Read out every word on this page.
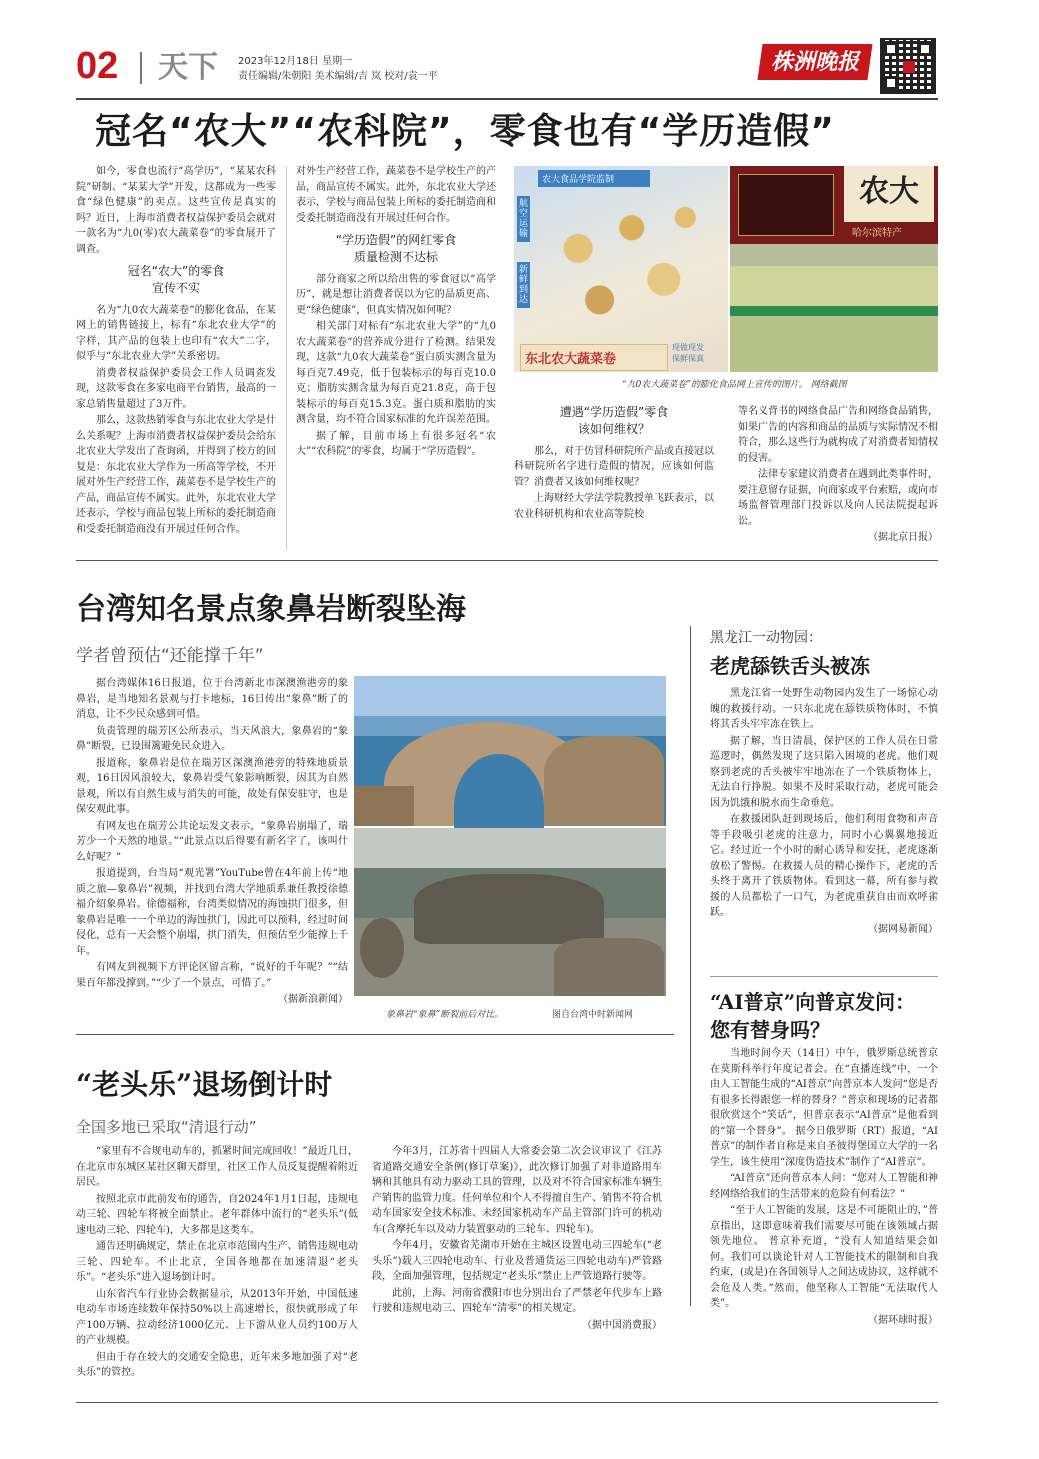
02 天下 2023年12月18日 星期一
责任编辑/朱朝阳 美术编辑/吉 岚 校对/袁一平
株洲晚报
冠名“农大”“农科院”，零食也有“学历造假”

如今，零食也流行“高学历”，“某某农科院”研制、“某某大学”开发，这都成为一些零食“绿色健康”的卖点。这些宣传是真实的吗？近日，上海市消费者权益保护委员会就对一款名为“九0(零)农大蔬菜卷”的零食展开了调查。

冠名“农大”的零食
宣传不实

名为“九0农大蔬菜卷”的膨化食品，在某网上的销售链接上，标有“东北农业大学”的字样，其产品的包装上也印有“农大”二字，似乎与“东北农业大学”关系密切。

消费者权益保护委员会工作人员调查发现，这款零食在多家电商平台销售，最高的一家总销售量超过了3万件。

那么，这款热销零食与东北农业大学是什么关系呢？上海市消费者权益保护委员会给东北农业大学发出了查询函，并得到了校方的回复是：东北农业大学作为一所高等学校，不开展对外生产经营工作，蔬菜卷不是学校生产的产品，商品宣传不属实。此外，东北农业大学还表示，学校与商品包装上所标的委托制造商和受委托制造商没有开展过任何合作。

对外生产经营工作，蔬菜卷不是学校生产的产品，商品宣传不属实。此外，东北农业大学还表示，学校与商品包装上所标的委托制造商和受委托制造商没有开展过任何合作。

“学历造假”的网红零食
质量检测不达标

部分商家之所以给出售的零食冠以“高学历”，就是想让消费者误以为它的品质更高、更“绿色健康”，但真实情况如何呢？

相关部门对标有“东北农业大学”的“九0农大蔬菜卷”的营养成分进行了检测。结果发现，这款“九0农大蔬菜卷”蛋白质实测含量为每百克7.49克，低于包装标示的每百克10.0克；脂肪实测含量为每百克21.8克，高于包装标示的每百克15.3克。蛋白质和脂肪的实测含量，均不符合国家标准的允许误差范围。

据了解，目前市场上有很多冠名“农大”“农科院”的零食，均属于“学历造假”。

农大食品学院监制
航空运输
新鲜到达
东北农大蔬菜卷
现做现发
保鲜保真
农大
哈尔滨特产
“九0农大蔬菜卷”的膨化食品网上宣传的图片。 网络截图
遭遇“学历造假”零食
该如何维权？

那么，对于仿冒科研院所产品或直接冠以科研院所名字进行造假的情况，应该如何监管？消费者又该如何维权呢？

上海财经大学法学院教授单飞跃表示，以农业科研机构和农业高等院校

等名义背书的网络食品广告和网络食品销售，如果广告的内容和商品的品质与实际情况不相符合，那么这些行为就构成了对消费者知情权的侵害。

法律专家建议消费者在遇到此类事件时，要注意留存证据，向商家或平台索赔，或向市场监督管理部门投诉以及向人民法院提起诉讼。

（据北京日报）

台湾知名景点象鼻岩断裂坠海
学者曾预估“还能撑千年”

据台湾媒体16日报道，位于台湾新北市深澳渔港旁的象鼻岩，是当地知名景观与打卡地标，16日传出“象鼻”断了的消息，让不少民众感到可惜。

负责管理的瑞芳区公所表示，当天风浪大，象鼻岩的“象鼻”断裂，已设围篱避免民众进入。

报道称，象鼻岩是位在瑞芳区深澳渔港旁的特殊地质景观，16日因风浪较大，象鼻岩受气象影响断裂，因其为自然景观，所以有自然生成与消失的可能，故处有保安驻守，也是保安观此事。

有网友也在瑞芳公共论坛发文表示，“象鼻岩崩塌了，瑞芳少一个天然的地景。”“此景点以后得要有新名字了，该叫什么好呢？”

报道提到，台当局“观光署”YouTube曾在4年前上传“地质之旅—象鼻岩”视频，并找到台湾大学地质系兼任教授徐德福介绍象鼻岩。徐德福称，台湾类似情况的海蚀拱门很多，但象鼻岩是唯一一个单边的海蚀拱门，因此可以预料，经过时间侵化，总有一天会整个崩塌，拱门消失，但预估至少能撑上千年。

有网友到视频下方评论区留言称，“说好的千年呢？”“结果百年都没撑到。”“少了一个景点，可惜了。”

（据新浪新闻）

象鼻岩“象鼻”断裂前后对比。	图自台湾中时新闻网
黑龙江一动物园：
老虎舔铁舌头被冻

黑龙江省一处野生动物园内发生了一场惊心动魄的救援行动。一只东北虎在舔铁质物体时，不慎将其舌头牢牢冻在铁上。

据了解，当日清晨，保护区的工作人员在日常巡逻时，偶然发现了这只陷入困境的老虎。他们观察到老虎的舌头被牢牢地冻在了一个铁质物体上，无法自行挣脱。如果不及时采取行动，老虎可能会因为饥饿和脱水而生命垂危。

在救援团队赶到现场后，他们利用食物和声音等手段吸引老虎的注意力，同时小心翼翼地接近它。经过近一个小时的耐心诱导和安抚，老虎逐渐放松了警惕。在救援人员的精心操作下，老虎的舌头终于离开了铁质物体。看到这一幕，所有参与救援的人员都松了一口气，为老虎重获自由而欢呼雀跃。

（据网易新闻）

“AI普京”向普京发问：
您有替身吗？

当地时间今天（14日）中午，俄罗斯总统普京在莫斯科举行年度记者会。在“直播连线”中，一个由人工智能生成的“AI普京”向普京本人发问“您是否有很多长得跟您一样的替身？”普京和现场的记者都很欣赏这个“笑话”，但普京表示“AI普京”是他看到的“第一个替身”。 据今日俄罗斯（RT）报道，“AI普京”的制作者自称是来自圣彼得堡国立大学的一名学生，该生使用“深度伪造技术”制作了“AI普京”。

“AI普京”还向普京本人问：“您对人工智能和神经网络给我们的生活带来的危险有何看法？”

“至于人工智能的发展，这是不可能阻止的，”普京指出，这即意味着我们需要尽可能在该领域占据领先地位。 普京补充道，“没有人知道结果会如何。我们可以谈论针对人工智能技术的限制和自我约束，(或是)在各国领导人之间达成协议，这样就不会危及人类。”然而，他坚称人工智能“无法取代人类”。

（据环球时报）

“老头乐”退场倒计时
全国多地已采取“清退行动”

“家里有不合规电动车的，抓紧时间完成回收！”最近几日，在北京市东城区某社区聊天群里，社区工作人员反复提醒着附近居民。

按照北京市此前发布的通告，自2024年1月1日起，违规电动三轮、四轮车将被全面禁止。老年群体中流行的“老头乐”(低速电动三轮、四轮车)，大多都是这类车。

通告还明确规定，禁止在北京市范围内生产、销售违规电动三轮、四轮车。不止北京，全国各地都在加速清退“老头乐”。“老头乐”进入退场倒计时。

山东省汽车行业协会数据显示，从2013年开始，中国低速电动车市场连续数年保持50%以上高速增长，很快就形成了年产100万辆、拉动经济1000亿元、上下游从业人员约100万人的产业规模。

但由于存在较大的交通安全隐患，近年来多地加强了对“老头乐”的管控。

今年3月，江苏省十四届人大常委会第二次会议审议了《江苏省道路交通安全条例(修订草案)》，此次修订加强了对非道路用车辆和其他具有动力驱动工具的管理，以及对不符合国家标准车辆生产销售的监管力度。任何单位和个人不得擅自生产、销售不符合机动车国家安全技术标准、未经国家机动车产品主管部门许可的机动车(含摩托车以及动力装置驱动的三轮车、四轮车)。

今年4月，安徽省芜湖市开始在主城区设置电动三四轮车(“老头乐”)载人三四轮电动车、行业及普通货运三四轮电动车)严管路段，全面加强管理，包括规定“老头乐”禁止上严管道路行驶等。

此前，上海、河南省濮阳市也分别出台了严禁老年代步车上路行驶和违规电动三、四轮车“清零”的相关规定。

（据中国消费报）
